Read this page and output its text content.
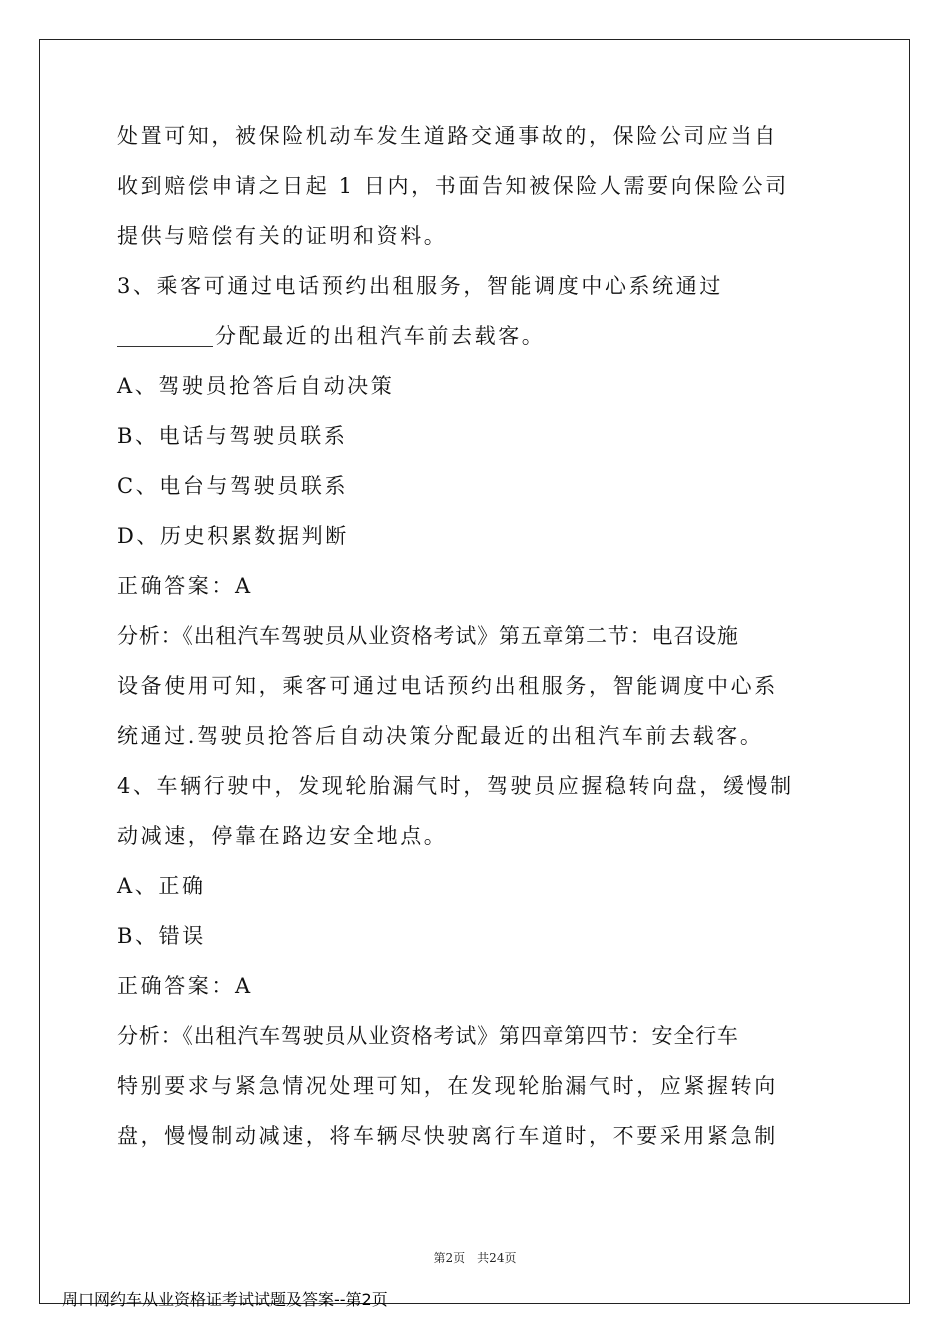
处置可知，被保险机动车发生道路交通事故的，保险公司应当自
收到赔偿申请之日起 1 日内，书面告知被保险人需要向保险公司
提供与赔偿有关的证明和资料。
3、乘客可通过电话预约出租服务，智能调度中心系统通过
分配最近的出租汽车前去载客。
A、驾驶员抢答后自动决策
B、电话与驾驶员联系
C、电台与驾驶员联系
D、历史积累数据判断
正确答案：A
分析：《出租汽车驾驶员从业资格考试》第五章第二节：电召设施
设备使用可知，乘客可通过电话预约出租服务，智能调度中心系
统通过.驾驶员抢答后自动决策分配最近的出租汽车前去载客。
4、车辆行驶中，发现轮胎漏气时，驾驶员应握稳转向盘，缓慢制
动减速，停靠在路边安全地点。
A、正确
B、错误
正确答案：A
分析：《出租汽车驾驶员从业资格考试》第四章第四节：安全行车
特别要求与紧急情况处理可知，在发现轮胎漏气时，应紧握转向
盘，慢慢制动减速，将车辆尽快驶离行车道时，不要采用紧急制
第2页　共24页
周口网约车从业资格证考试试题及答案--第2页
